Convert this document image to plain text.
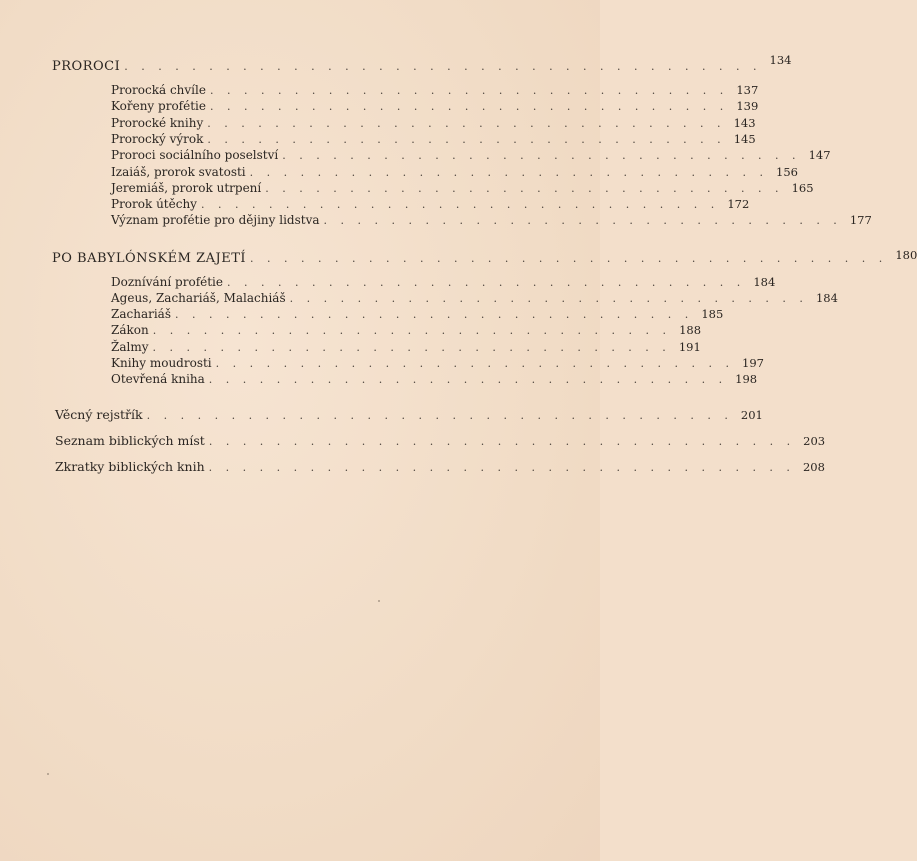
PROROCI . . . . . . . . . . . . . . . . . . . . . . . . . . . . . . . . . . . . . . 134
Prorocká chvíle . . . . . . . . . . . . . . . . . . . . . . . . . . . . . . . 137
Kořeny profétie . . . . . . . . . . . . . . . . . . . . . . . . . . . . . . . 139
Prorocké knihy . . . . . . . . . . . . . . . . . . . . . . . . . . . . . . . 143
Prorocký výrok . . . . . . . . . . . . . . . . . . . . . . . . . . . . . . . 145
Proroci sociálního poselství . . . . . . . . . . . . . . . . . . . . . . . . . . . . . . . 147
Izaiáš, prorok svatosti . . . . . . . . . . . . . . . . . . . . . . . . . . . . . . . 156
Jeremiáš, prorok utrpení . . . . . . . . . . . . . . . . . . . . . . . . . . . . . . . 165
Prorok útěchy . . . . . . . . . . . . . . . . . . . . . . . . . . . . . . . 172
Význam profétie pro dějiny lidstva . . . . . . . . . . . . . . . . . . . . . . . . . . . . . . . 177
PO BABYLÓNSKÉM ZAJETÍ . . . . . . . . . . . . . . . . . . . . . . . . . . . . . . . . . . . . . . 180
Doznívání profétie . . . . . . . . . . . . . . . . . . . . . . . . . . . . . . . 184
Ageus, Zachariáš, Malachiáš . . . . . . . . . . . . . . . . . . . . . . . . . . . . . . . 184
Zachariáš . . . . . . . . . . . . . . . . . . . . . . . . . . . . . . . 185
Zákon . . . . . . . . . . . . . . . . . . . . . . . . . . . . . . . 188
Žalmy . . . . . . . . . . . . . . . . . . . . . . . . . . . . . . . 191
Knihy moudrosti . . . . . . . . . . . . . . . . . . . . . . . . . . . . . . . 197
Otevřená kniha . . . . . . . . . . . . . . . . . . . . . . . . . . . . . . . 198
Věcný rejstřík . . . . . . . . . . . . . . . . . . . . . . . . . . . . . . . . . . . 201
Seznam biblických míst . . . . . . . . . . . . . . . . . . . . . . . . . . . . . . . . . . . 203
Zkratky biblických knih . . . . . . . . . . . . . . . . . . . . . . . . . . . . . . . . . . . 208
